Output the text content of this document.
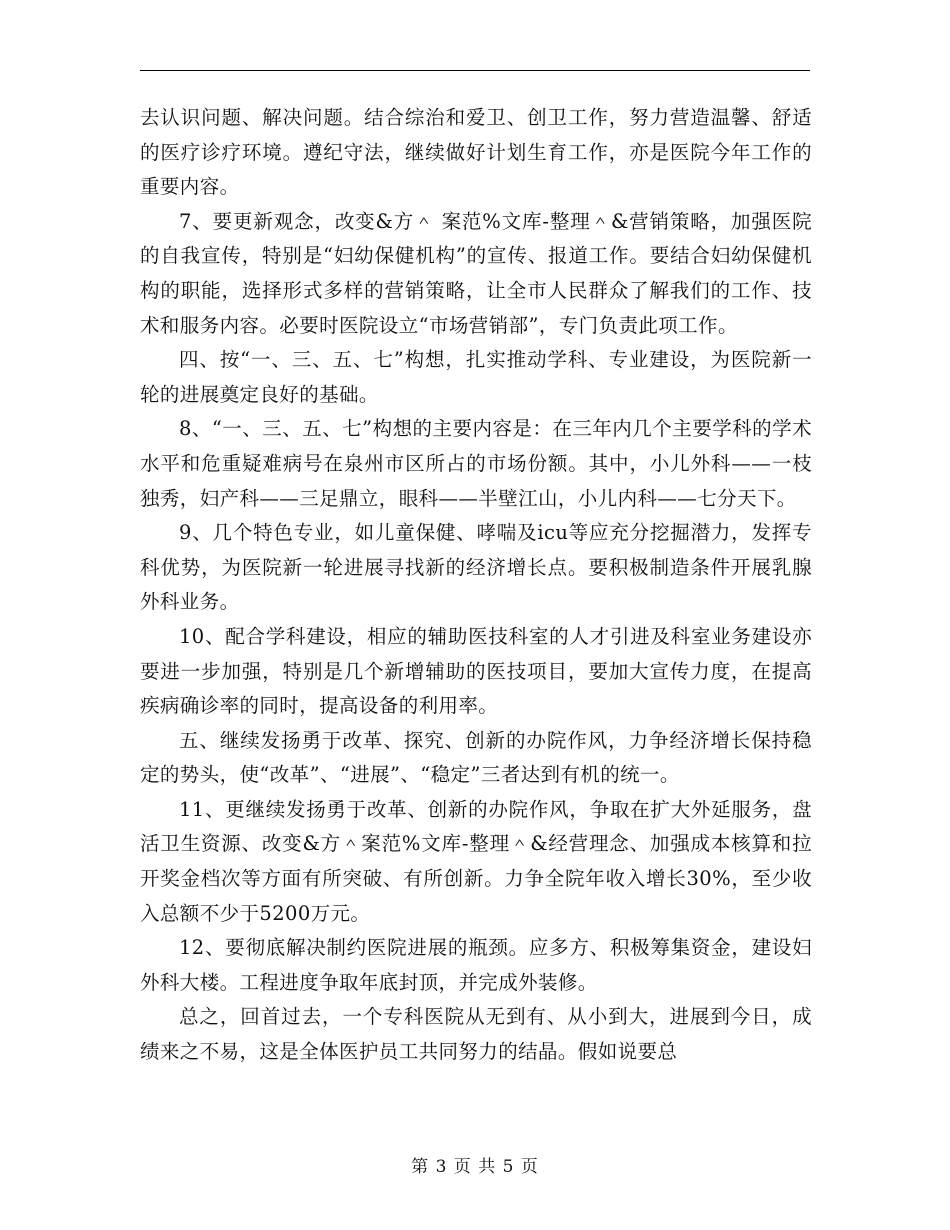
去认识问题、解决问题。结合综治和爱卫、创卫工作，努力营造温馨、舒适的医疗诊疗环境。遵纪守法，继续做好计划生育工作，亦是医院今年工作的重要内容。

7、要更新观念，改变&方＾ 案范%文库-整理＾&营销策略，加强医院的自我宣传，特别是“妇幼保健机构”的宣传、报道工作。要结合妇幼保健机构的职能，选择形式多样的营销策略，让全市人民群众了解我们的工作、技术和服务内容。必要时医院设立“市场营销部”，专门负责此项工作。

四、按“一、三、五、七”构想，扎实推动学科、专业建设，为医院新一轮的进展奠定良好的基础。

8、“一、三、五、七”构想的主要内容是：在三年内几个主要学科的学术水平和危重疑难病号在泉州市区所占的市场份额。其中，小儿外科——一枝独秀，妇产科——三足鼎立，眼科——半壁江山，小儿内科——七分天下。

9、几个特色专业，如儿童保健、哮喘及icu等应充分挖掘潜力，发挥专科优势，为医院新一轮进展寻找新的经济增长点。要积极制造条件开展乳腺外科业务。

10、配合学科建设，相应的辅助医技科室的人才引进及科室业务建设亦要进一步加强，特别是几个新增辅助的医技项目，要加大宣传力度，在提高疾病确诊率的同时，提高设备的利用率。

五、继续发扬勇于改革、探究、创新的办院作风，力争经济增长保持稳定的势头，使“改革”、“进展”、“稳定”三者达到有机的统一。

11、更继续发扬勇于改革、创新的办院作风，争取在扩大外延服务，盘活卫生资源、改变&方＾案范%文库-整理＾&经营理念、加强成本核算和拉开奖金档次等方面有所突破、有所创新。力争全院年收入增长30%，至少收入总额不少于5200万元。

12、要彻底解决制约医院进展的瓶颈。应多方、积极筹集资金，建设妇外科大楼。工程进度争取年底封顶，并完成外装修。

总之，回首过去，一个专科医院从无到有、从小到大，进展到今日，成绩来之不易，这是全体医护员工共同努力的结晶。假如说要总

第 3 页 共 5 页
